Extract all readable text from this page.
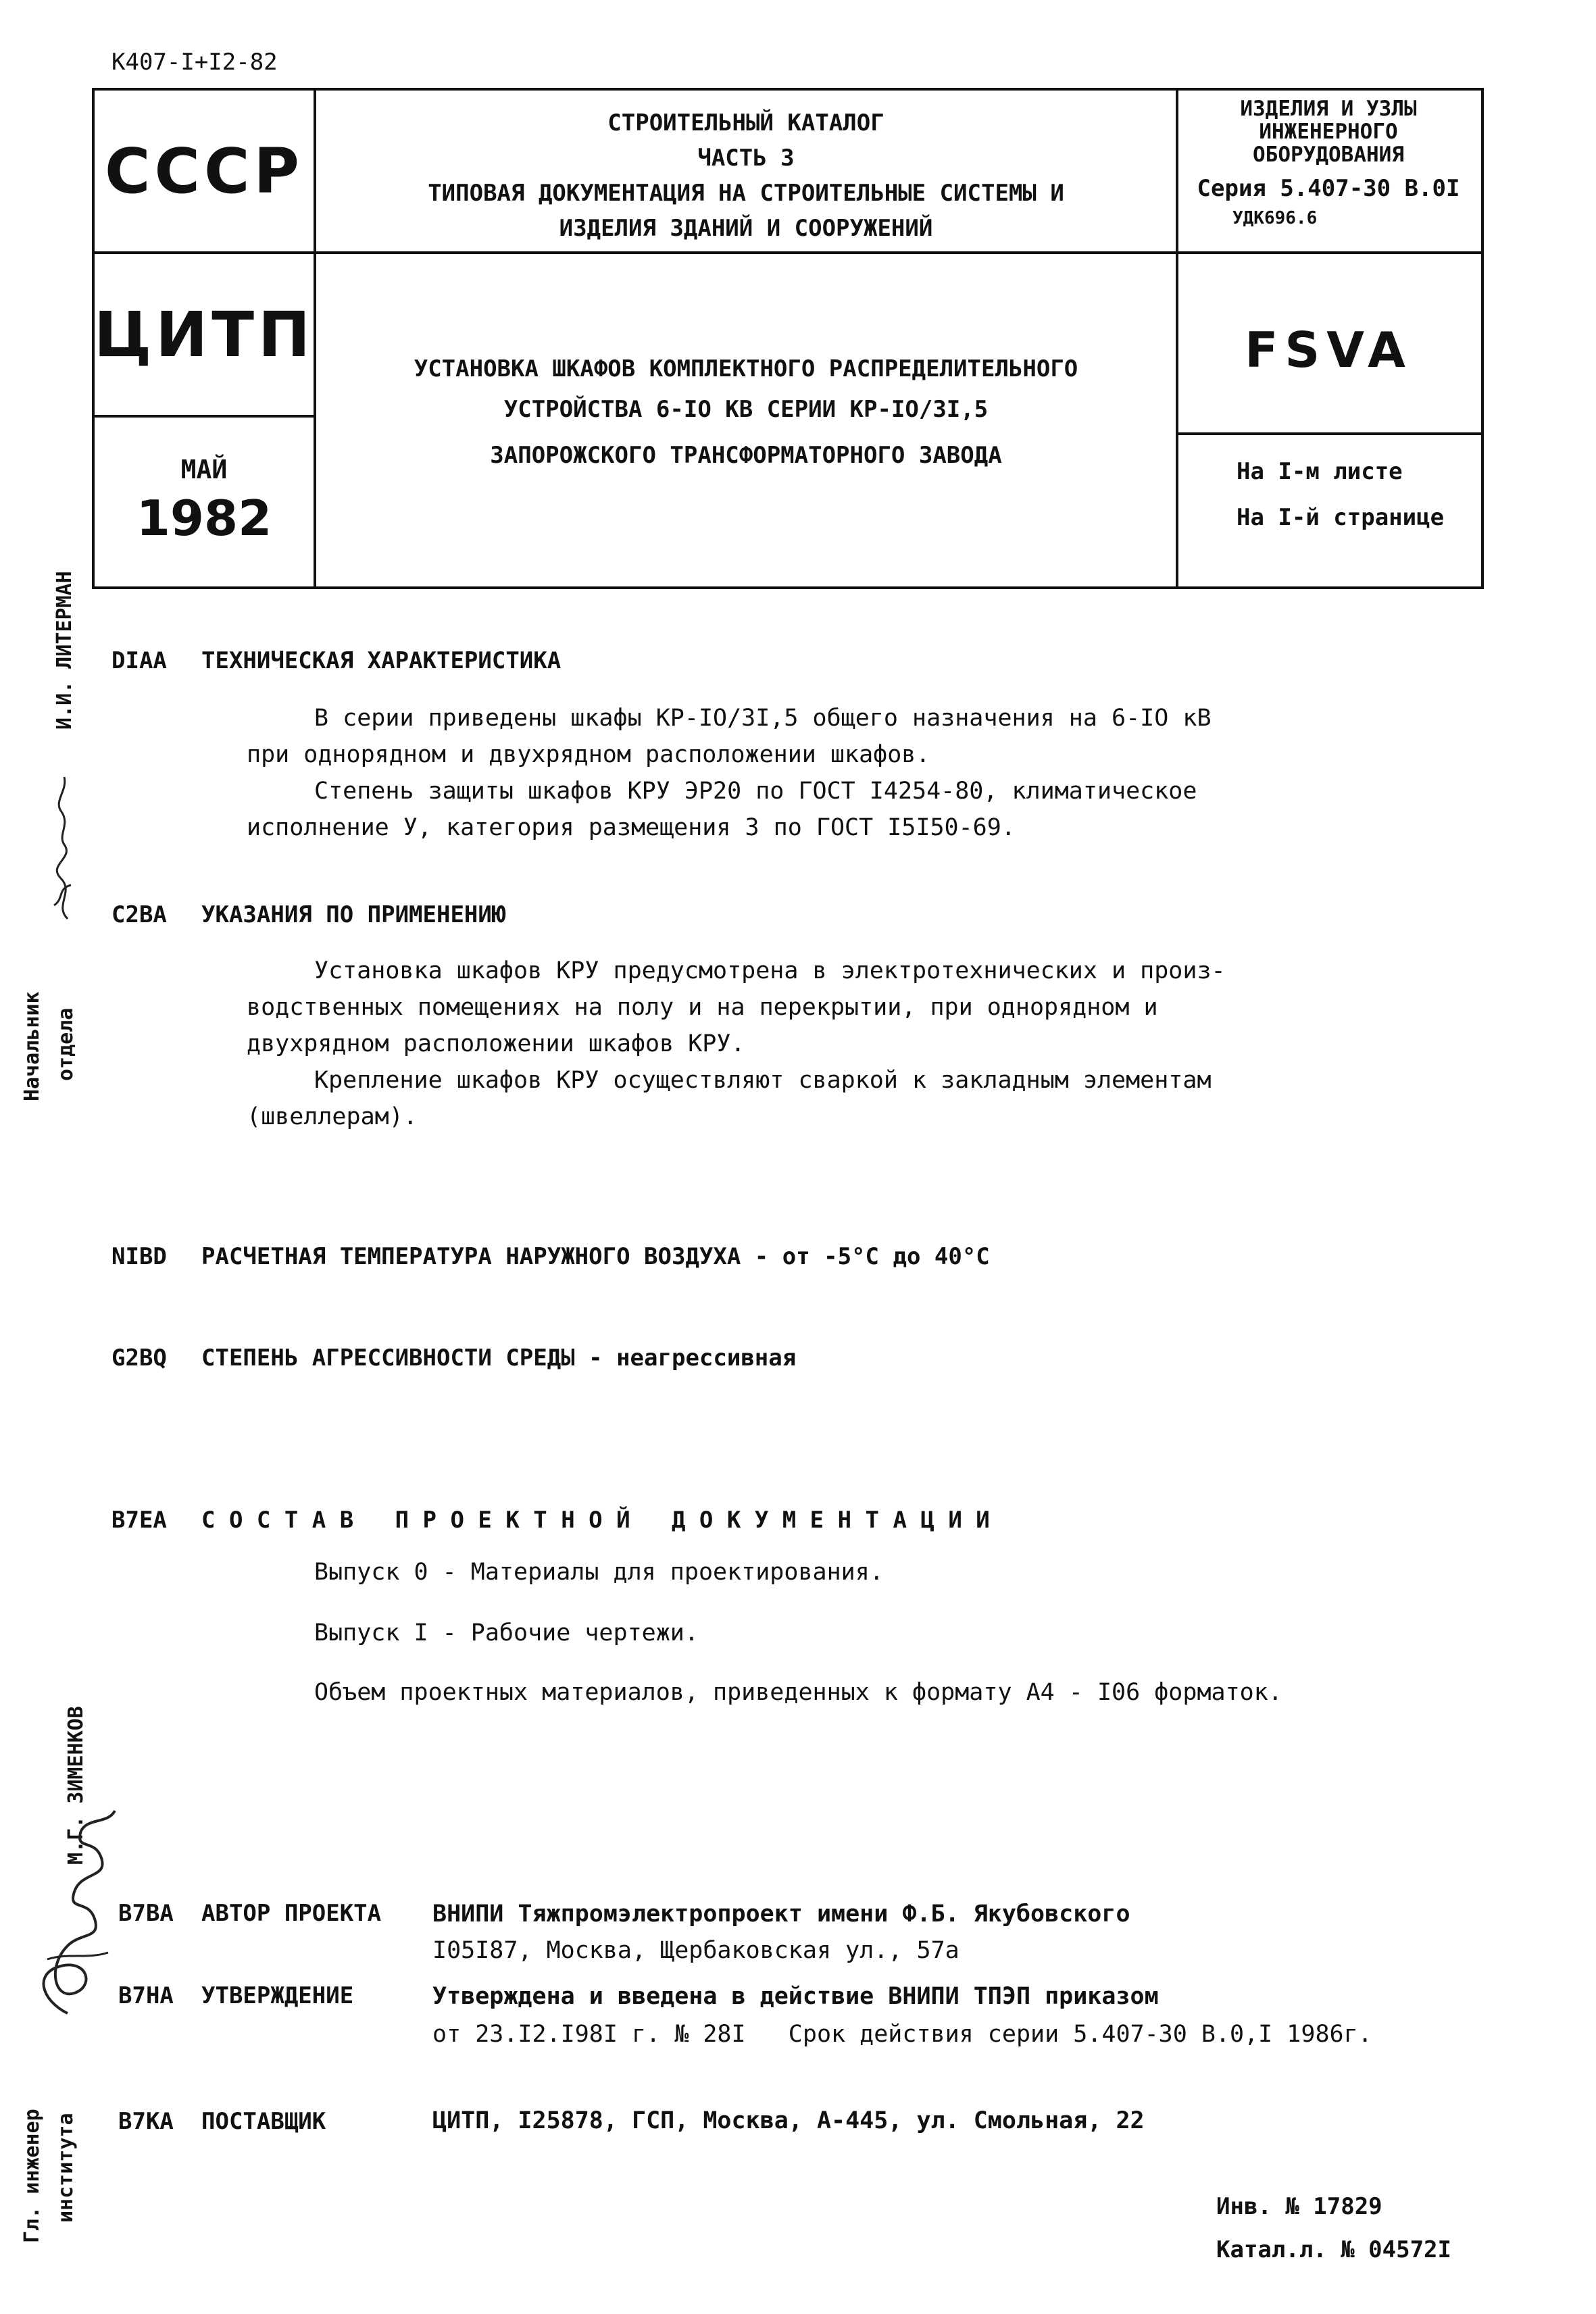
К407-I+I2-82
СССР
ЦИТП
МАЙ
1982
СТРОИТЕЛЬНЫЙ КАТАЛОГ
ЧАСТЬ 3
ТИПОВАЯ ДОКУМЕНТАЦИЯ НА СТРОИТЕЛЬНЫЕ СИСТЕМЫ И
ИЗДЕЛИЯ ЗДАНИЙ И СООРУЖЕНИЙ
УСТАНОВКА ШКАФОВ КОМПЛЕКТНОГО РАСПРЕДЕЛИТЕЛЬНОГО
УСТРОЙСТВА 6-IO КВ СЕРИИ КР-IO/3I,5
ЗАПОРОЖСКОГО ТРАНСФОРМАТОРНОГО ЗАВОДА
ИЗДЕЛИЯ И УЗЛЫ
ИНЖЕНЕРНОГО
ОБОРУДОВАНИЯ
Серия 5.407-30 В.0I
УДК696.6
FSVA
На I-м листе
На I-й странице
DIAA ТЕХНИЧЕСКАЯ ХАРАКТЕРИСТИКА
В серии приведены шкафы КР-IO/3I,5 общего назначения на 6-IO кВ
при однорядном и двухрядном расположении шкафов.
Степень защиты шкафов КРУ ЭР20 по ГОСТ I4254-80, климатическое
исполнение У, категория размещения 3 по ГОСТ I5I50-69.
C2BA УКАЗАНИЯ ПО ПРИМЕНЕНИЮ
Установка шкафов КРУ предусмотрена в электротехнических и произ-
водственных помещениях на полу и на перекрытии, при однорядном и
двухрядном расположении шкафов КРУ.
Крепление шкафов КРУ осуществляют сваркой к закладным элементам
(швеллерам).
NIBD РАСЧЕТНАЯ ТЕМПЕРАТУРА НАРУЖНОГО ВОЗДУХА - от -5°С до 40°С
G2BQ СТЕПЕНЬ АГРЕССИВНОСТИ СРЕДЫ - неагрессивная
B7EA С О С Т А В   П Р О Е К Т Н О Й   Д О К У М Е Н Т А Ц И И
Выпуск 0 - Материалы для проектирования.
Выпуск I - Рабочие чертежи.
Объем проектных материалов, приведенных к формату А4 - I06 форматок.
B7BA АВТОР ПРОЕКТА ВНИПИ Тяжпромэлектропроект имени Ф.Б. Якубовского
I05I87, Москва, Щербаковская ул., 57а
B7HA УТВЕРЖДЕНИЕ	Утверждена и введена в действие ВНИПИ ТПЭП приказом
от 23.I2.I98I г. № 28I   Срок действия серии 5.407-30 В.0,I 1986г.
B7KA ПОСТАВЩИК	ЦИТП, I25878, ГСП, Москва, А-445, ул. Смольная, 22
Инв. № 17829
Катал.л. № 04572I
И.И. ЛИТЕРМАН
Начальник отдела
М.Г. ЗИМЕНКОВ
Гл. инженер института
